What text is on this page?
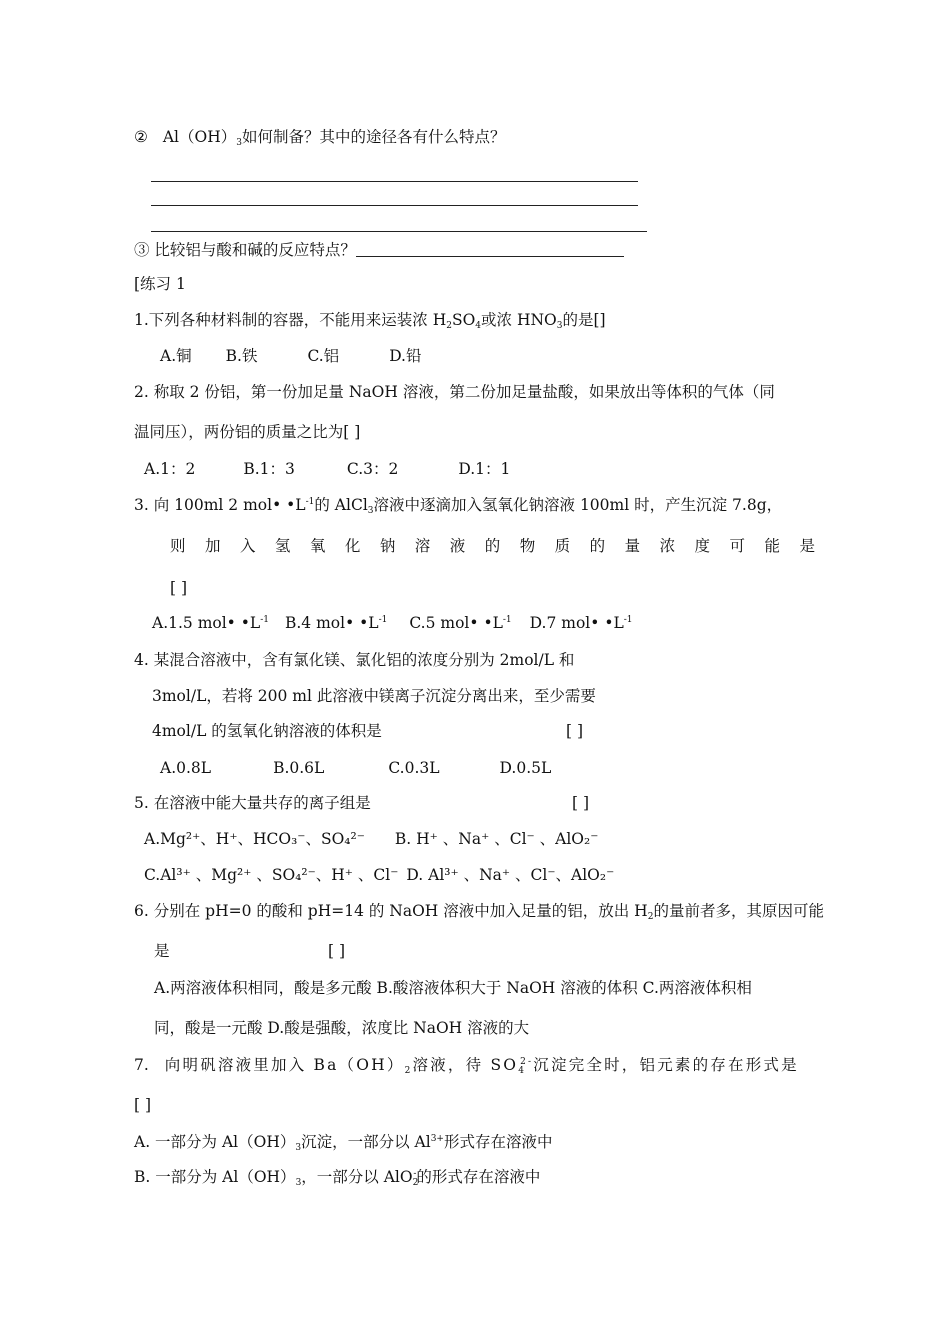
② $Al(OH)_3$如何制备？其中的途径各有什么特点？
③ 比较铝与酸和碱的反应特点？
[练习 1
1.下列各种材料制的容器，不能用来运装浓 $H_2SO_4$或浓 $HNO_3$的是[]
A.铜 B.铁	C.铝	D.铅
2. 称取 2 份铝，第一份加足量 NaOH 溶液，第二份加足量盐酸，如果放出等体积的气体（同
温同压），两份铝的质量之比为[ ]
A.1：2	B.1：3	C.3：2	D.1：1
3. 向 100ml 2 mol• $•L^{-1}$的 AlCl$_3$溶液中逐滴加入氢氧化钠溶液 100ml 时，产生沉淀 7.8g，
则 加 入 氢 氧 化 钠 溶 液 的 物 质 的 量 浓 度 可 能 是
[ ]
A.1.5 mol• $•L^{-1}$ B.4 mol• $•L^{-1}$ C.5 mol• $•L^{-1}$ D.7 mol• $•L^{-1}$
4. 某混合溶液中，含有氯化镁、氯化铝的浓度分别为 2mol/L 和
3mol/L，若将 200 ml 此溶液中镁离子沉淀分离出来，至少需要
4mol/L 的氢氧化钠溶液的体积是	[ ]
A.0.8L	B.0.6L	C.0.3L	D.0.5L
5. 在溶液中能大量共存的离子组是	[ ]
A.Mg²⁺、H⁺、HCO₃⁻、SO₄²⁻ B. H⁺ 、Na⁺ 、Cl⁻ 、AlO₂⁻
C.Al³⁺ 、Mg²⁺ 、SO₄²⁻、H⁺ 、Cl⁻ D. Al³⁺ 、Na⁺ 、Cl⁻、AlO₂⁻
6. 分别在 pH=0 的酸和 pH=14 的 NaOH 溶液中加入足量的铝，放出 $H_2$的量前者多，其原因可能
是	[ ]
A.两溶液体积相同，酸是多元酸 B.酸溶液体积大于 NaOH 溶液的体积 C.两溶液体积相
同，酸是一元酸 D.酸是强酸，浓度比 NaOH 溶液的大
7. 向明矾溶液里加入 $Ba(OH)_2$溶液，待 $SO_4^{2-}$沉淀完全时，铝元素的存在形式是
[ ]
A. 一部分为 $Al(OH)_3$沉淀，一部分以 $Al^{3+}$形式存在溶液中
B. 一部分为 $Al(OH)_3$，一部分以 AlO$_2$-的形式存在溶液中
